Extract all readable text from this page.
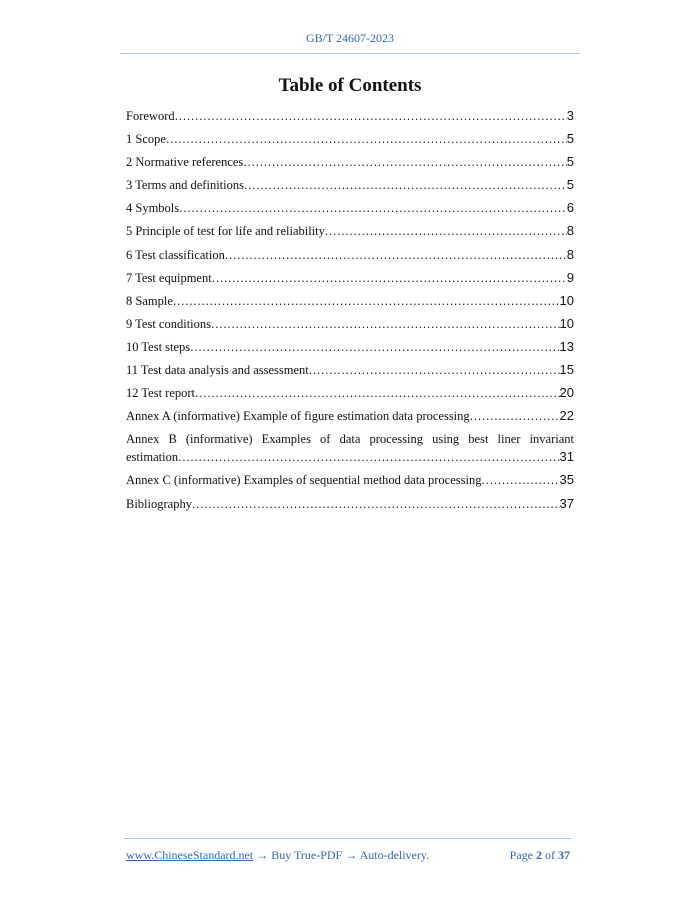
GB/T 24607-2023
Table of Contents
Foreword .....	3
1 Scope .....	5
2 Normative references .....	5
3 Terms and definitions .....	5
4 Symbols .....	6
5 Principle of test for life and reliability .....	8
6 Test classification .....	8
7 Test equipment .....	9
8 Sample .....	10
9 Test conditions .....	10
10 Test steps .....	13
11 Test data analysis and assessment .....	15
12 Test report .....	20
Annex A (informative) Example of figure estimation data processing .....	22
Annex B (informative) Examples of data processing using best liner invariant
estimation .....	31
Annex C (informative) Examples of sequential method data processing .....	35
Bibliography .....	37
www.ChineseStandard.net → Buy True-PDF → Auto-delivery.	Page 2 of 37
